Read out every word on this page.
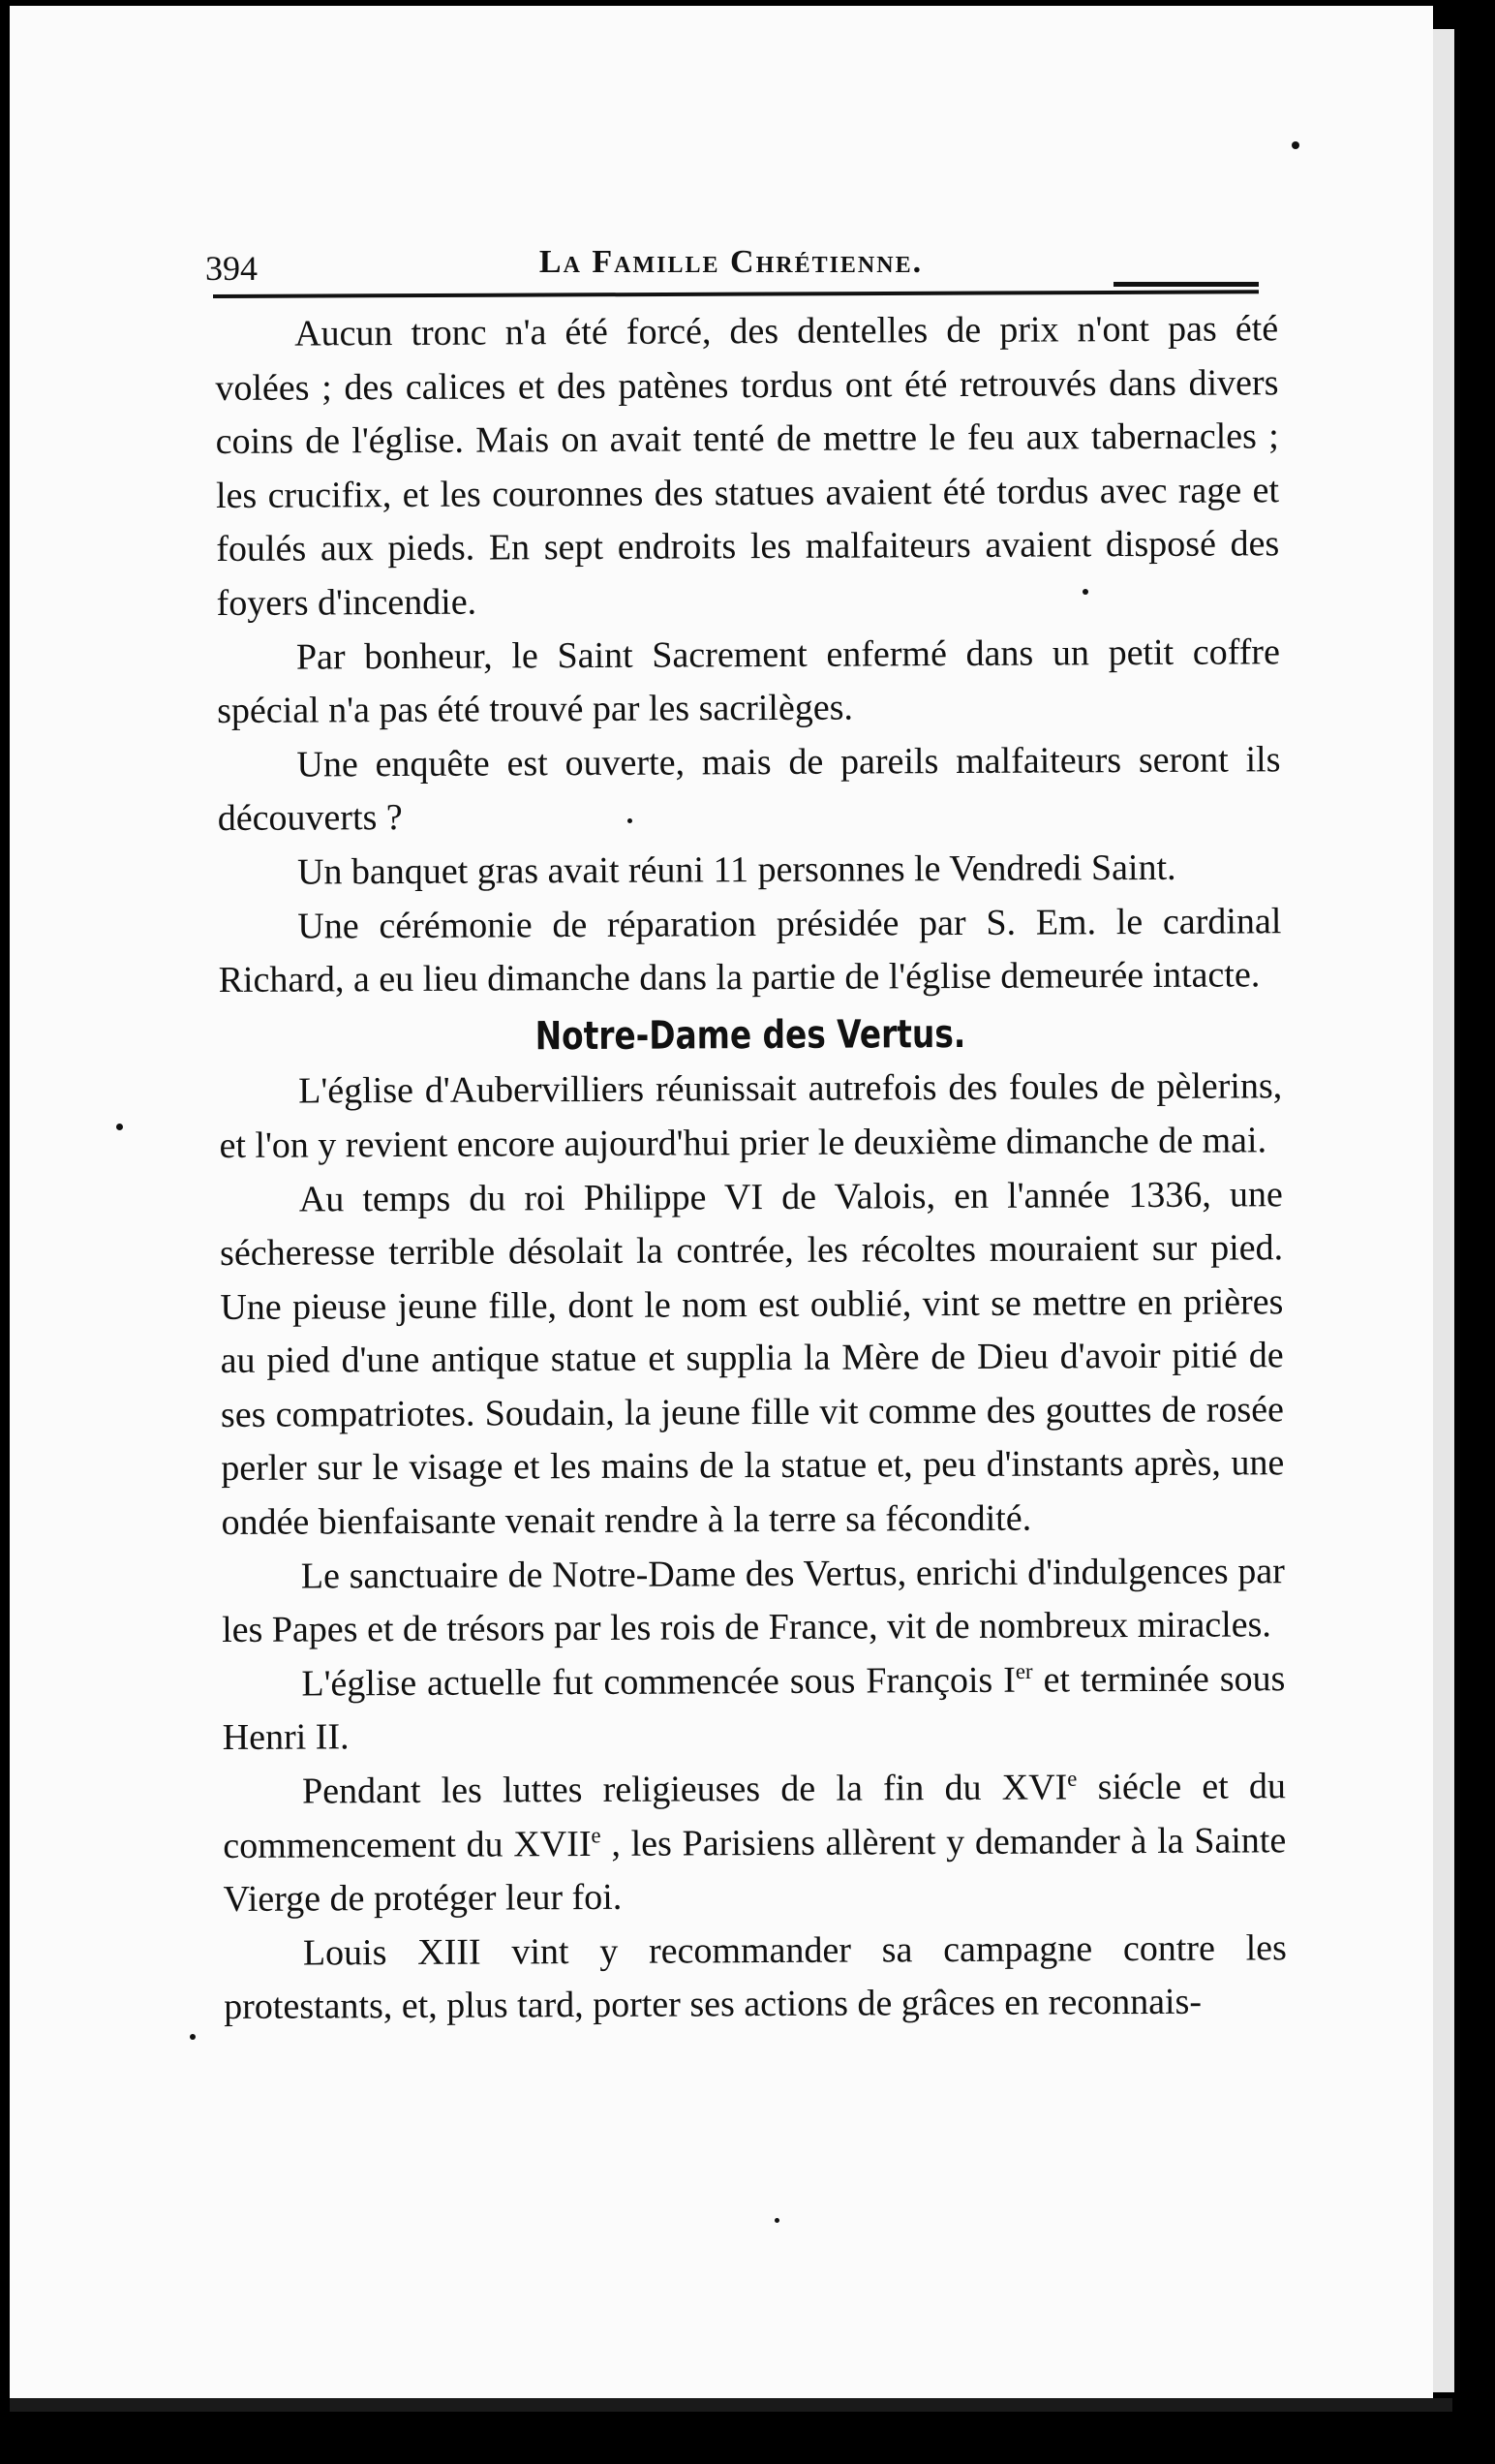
394	La Famille Chrétienne.

Aucun tronc n'a été forcé, des dentelles de prix n'ont pas été volées ; des calices et des patènes tordus ont été retrouvés dans divers coins de l'église. Mais on avait tenté de mettre le feu aux tabernacles ; les crucifix, et les couronnes des statues avaient été tordus avec rage et foulés aux pieds. En sept endroits les malfaiteurs avaient disposé des foyers d'incendie.

Par bonheur, le Saint Sacrement enfermé dans un petit coffre spécial n'a pas été trouvé par les sacrilèges.

Une enquête est ouverte, mais de pareils malfaiteurs seront ils découverts ?

Un banquet gras avait réuni 11 personnes le Vendredi Saint.

Une cérémonie de réparation présidée par S. Em. le cardinal Richard, a eu lieu dimanche dans la partie de l'église demeurée intacte.

Notre-Dame des Vertus.

L'église d'Aubervilliers réunissait autrefois des foules de pèlerins, et l'on y revient encore aujourd'hui prier le deuxième dimanche de mai.

Au temps du roi Philippe VI de Valois, en l'année 1336, une sécheresse terrible désolait la contrée, les récoltes mouraient sur pied. Une pieuse jeune fille, dont le nom est oublié, vint se mettre en prières au pied d'une antique statue et supplia la Mère de Dieu d'avoir pitié de ses compatriotes. Soudain, la jeune fille vit comme des gouttes de rosée perler sur le visage et les mains de la statue et, peu d'instants après, une ondée bienfaisante venait rendre à la terre sa fécondité.

Le sanctuaire de Notre-Dame des Vertus, enrichi d'indulgences par les Papes et de trésors par les rois de France, vit de nombreux miracles.

L'église actuelle fut commencée sous François Ier et terminée sous Henri II.

Pendant les luttes religieuses de la fin du XVIe siécle et du commencement du XVIIe , les Parisiens allèrent y demander à la Sainte Vierge de protéger leur foi.

Louis XIII vint y recommander sa campagne contre les protestants, et, plus tard, porter ses actions de grâces en reconnais-
